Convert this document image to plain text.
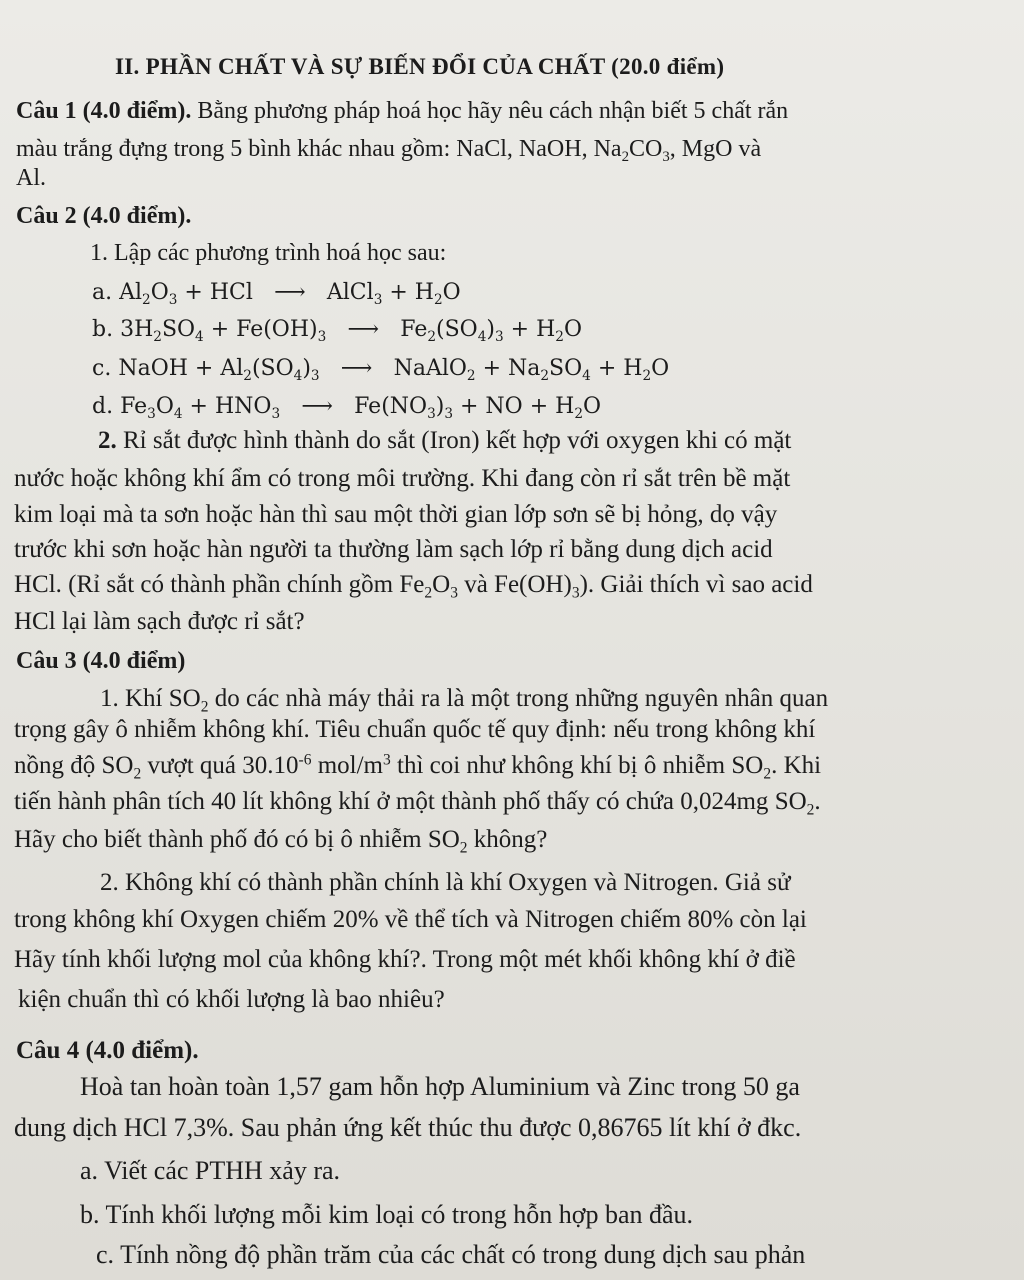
II. PHẦN CHẤT VÀ SỰ BIẾN ĐỔI CỦA CHẤT (20.0 điểm)
Câu 1 (4.0 điểm). Bằng phương pháp hoá học hãy nêu cách nhận biết 5 chất rắn
màu trắng đựng trong 5 bình khác nhau gồm: NaCl, NaOH, $Na_2CO_3$, MgO và
Al.
Câu 2 (4.0 điểm).
1. Lập các phương trình hoá học sau:
a. $Al_2O_3$ + HCl ⟶ AlCl$_3$ + $H_2O$
b. $3H_2SO_4 + Fe(OH)_3$ ⟶ $Fe_2(SO_4)_3 + H_2O$
c. NaOH + $Al_2(SO_4)_3$ ⟶ NaAlO$_2$ + $Na_2SO_4 + H_2O$
d. $Fe_3O_4 + HNO_3$ ⟶ $Fe(NO_3)_3$ + NO + $H_2O$
2. Rỉ sắt được hình thành do sắt (Iron) kết hợp với oxygen khi có mặt
nước hoặc không khí ẩm có trong môi trường. Khi đang còn rỉ sắt trên bề mặt
kim loại mà ta sơn hoặc hàn thì sau một thời gian lớp sơn sẽ bị hỏng, dọ vậy
trước khi sơn hoặc hàn người ta thường làm sạch lớp rỉ bằng dung dịch acid
HCl. (Rỉ sắt có thành phần chính gồm $Fe_2O_3$ và $Fe(OH)_3$). Giải thích vì sao acid
HCl lại làm sạch được rỉ sắt?
Câu 3 (4.0 điểm)
1. Khí $SO_2$ do các nhà máy thải ra là một trong những nguyên nhân quan
trọng gây ô nhiễm không khí. Tiêu chuẩn quốc tế quy định: nếu trong không khí
nồng độ $SO_2$ vượt quá $30.10^{-6}$ mol/$m^3$ thì coi như không khí bị ô nhiễm $SO_2$. Khi
tiến hành phân tích 40 lít không khí ở một thành phố thấy có chứa 0,024mg $SO_2$.
Hãy cho biết thành phố đó có bị ô nhiễm $SO_2$ không?
2. Không khí có thành phần chính là khí Oxygen và Nitrogen. Giả sử
trong không khí Oxygen chiếm 20% về thể tích và Nitrogen chiếm 80% còn lại
Hãy tính khối lượng mol của không khí?. Trong một mét khối không khí ở điề
kiện chuẩn thì có khối lượng là bao nhiêu?
Câu 4 (4.0 điểm).
Hoà tan hoàn toàn 1,57 gam hỗn hợp Aluminium và Zinc trong 50 ga
dung dịch HCl 7,3%. Sau phản ứng kết thúc thu được 0,86765 lít khí ở đkc.
a. Viết các PTHH xảy ra.
b. Tính khối lượng mỗi kim loại có trong hỗn hợp ban đầu.
c. Tính nồng độ phần trăm của các chất có trong dung dịch sau phản
